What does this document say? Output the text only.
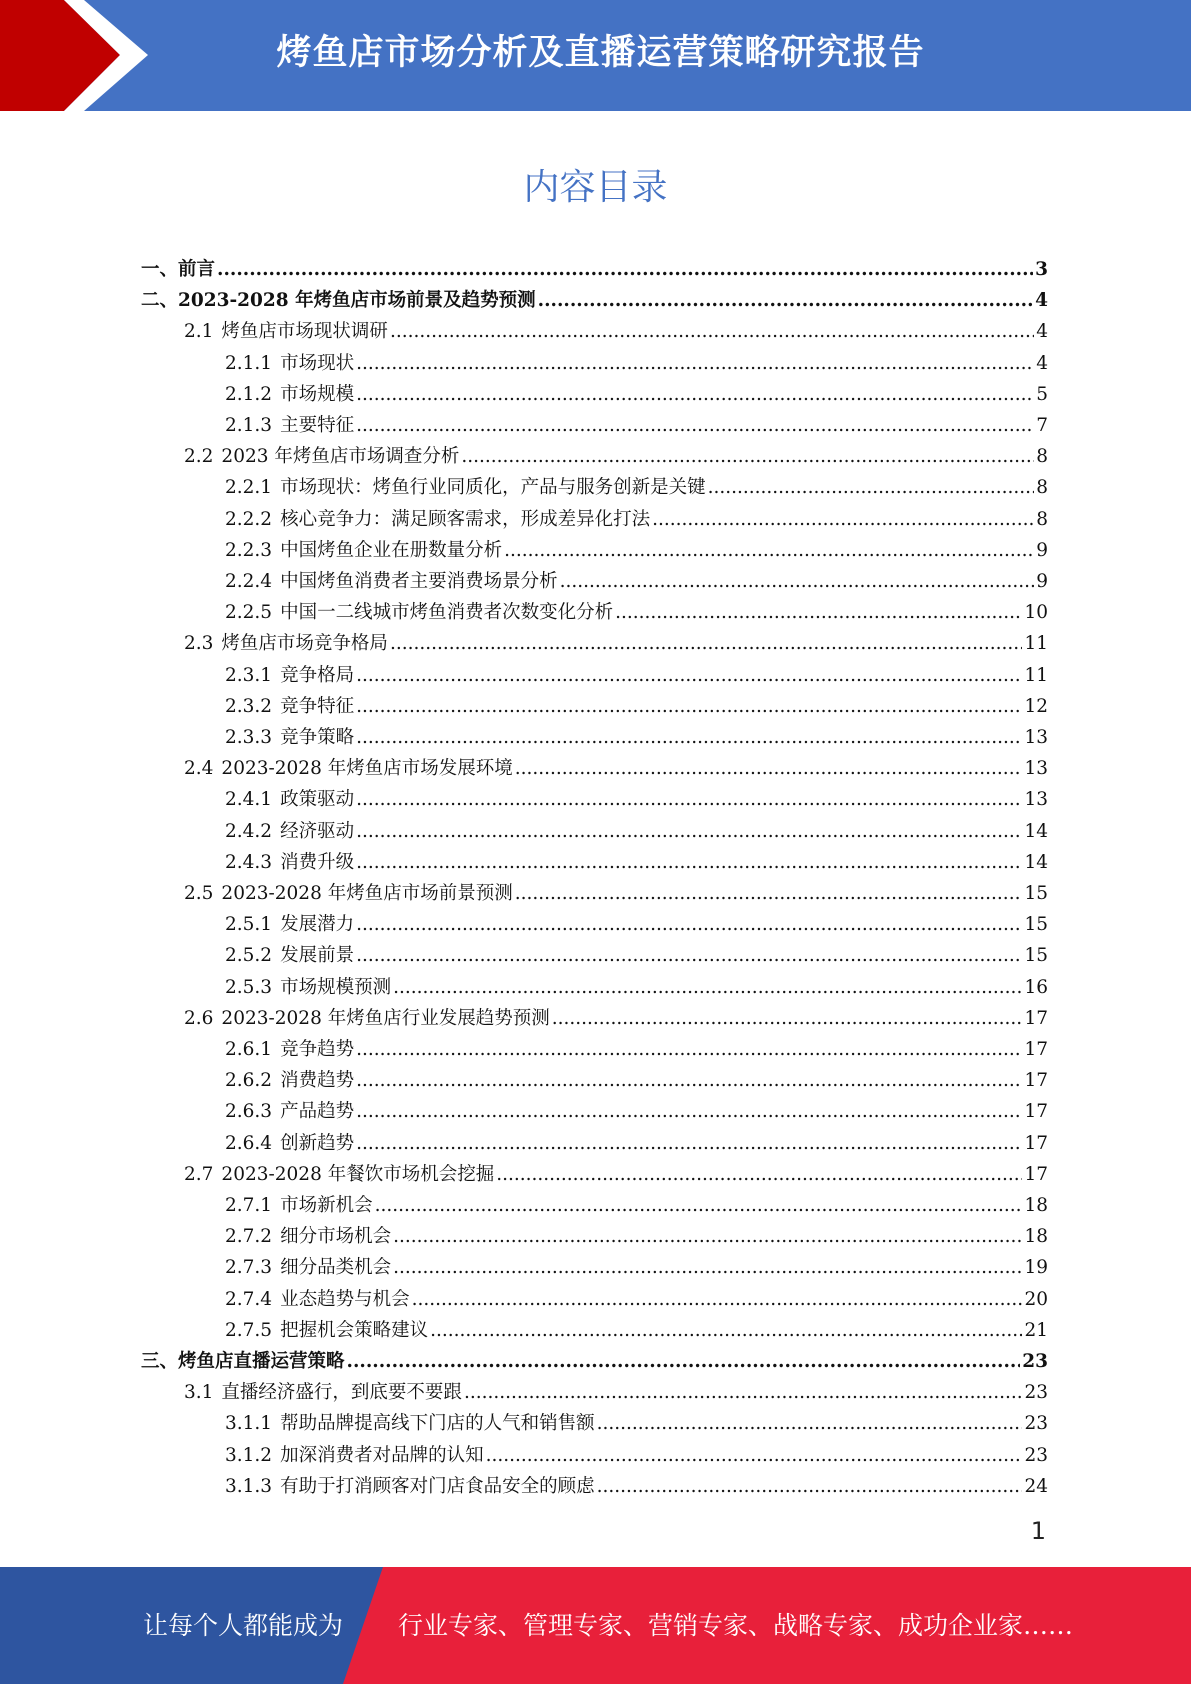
烤鱼店市场分析及直播运营策略研究报告
内容目录
一、 前言 .....	3
二、 2023-2028 年烤鱼店市场前景及趋势预测 .....	4
2.1 烤鱼店市场现状调研 .....	4
2.1.1 市场现状 .....	4
2.1.2 市场规模 .....	5
2.1.3 主要特征 .....	7
2.2 2023 年烤鱼店市场调查分析 .....	8
2.2.1 市场现状：烤鱼行业同质化，产品与服务创新是关键 .....	8
2.2.2 核心竞争力：满足顾客需求，形成差异化打法 .....	8
2.2.3 中国烤鱼企业在册数量分析 .....	9
2.2.4 中国烤鱼消费者主要消费场景分析 .....	9
2.2.5 中国一二线城市烤鱼消费者次数变化分析 .....	10
2.3 烤鱼店市场竞争格局 .....	11
2.3.1 竞争格局 .....	11
2.3.2 竞争特征 .....	12
2.3.3 竞争策略 .....	13
2.4 2023-2028 年烤鱼店市场发展环境 .....	13
2.4.1 政策驱动 .....	13
2.4.2 经济驱动 .....	14
2.4.3 消费升级 .....	14
2.5 2023-2028 年烤鱼店市场前景预测 .....	15
2.5.1 发展潜力 .....	15
2.5.2 发展前景 .....	15
2.5.3 市场规模预测 .....	16
2.6 2023-2028 年烤鱼店行业发展趋势预测 .....	17
2.6.1 竞争趋势 .....	17
2.6.2 消费趋势 .....	17
2.6.3 产品趋势 .....	17
2.6.4 创新趋势 .....	17
2.7 2023-2028 年餐饮市场机会挖掘 .....	17
2.7.1 市场新机会 .....	18
2.7.2 细分市场机会 .....	18
2.7.3 细分品类机会 .....	19
2.7.4 业态趋势与机会 .....	20
2.7.5 把握机会策略建议 .....	21
三、 烤鱼店直播运营策略 .....	23
3.1 直播经济盛行，到底要不要跟 .....	23
3.1.1 帮助品牌提高线下门店的人气和销售额 .....	23
3.1.2 加深消费者对品牌的认知 .....	23
3.1.3 有助于打消顾客对门店食品安全的顾虑 .....	24
1
让每个人都能成为 行业专家、管理专家、营销专家、战略专家、成功企业家……
